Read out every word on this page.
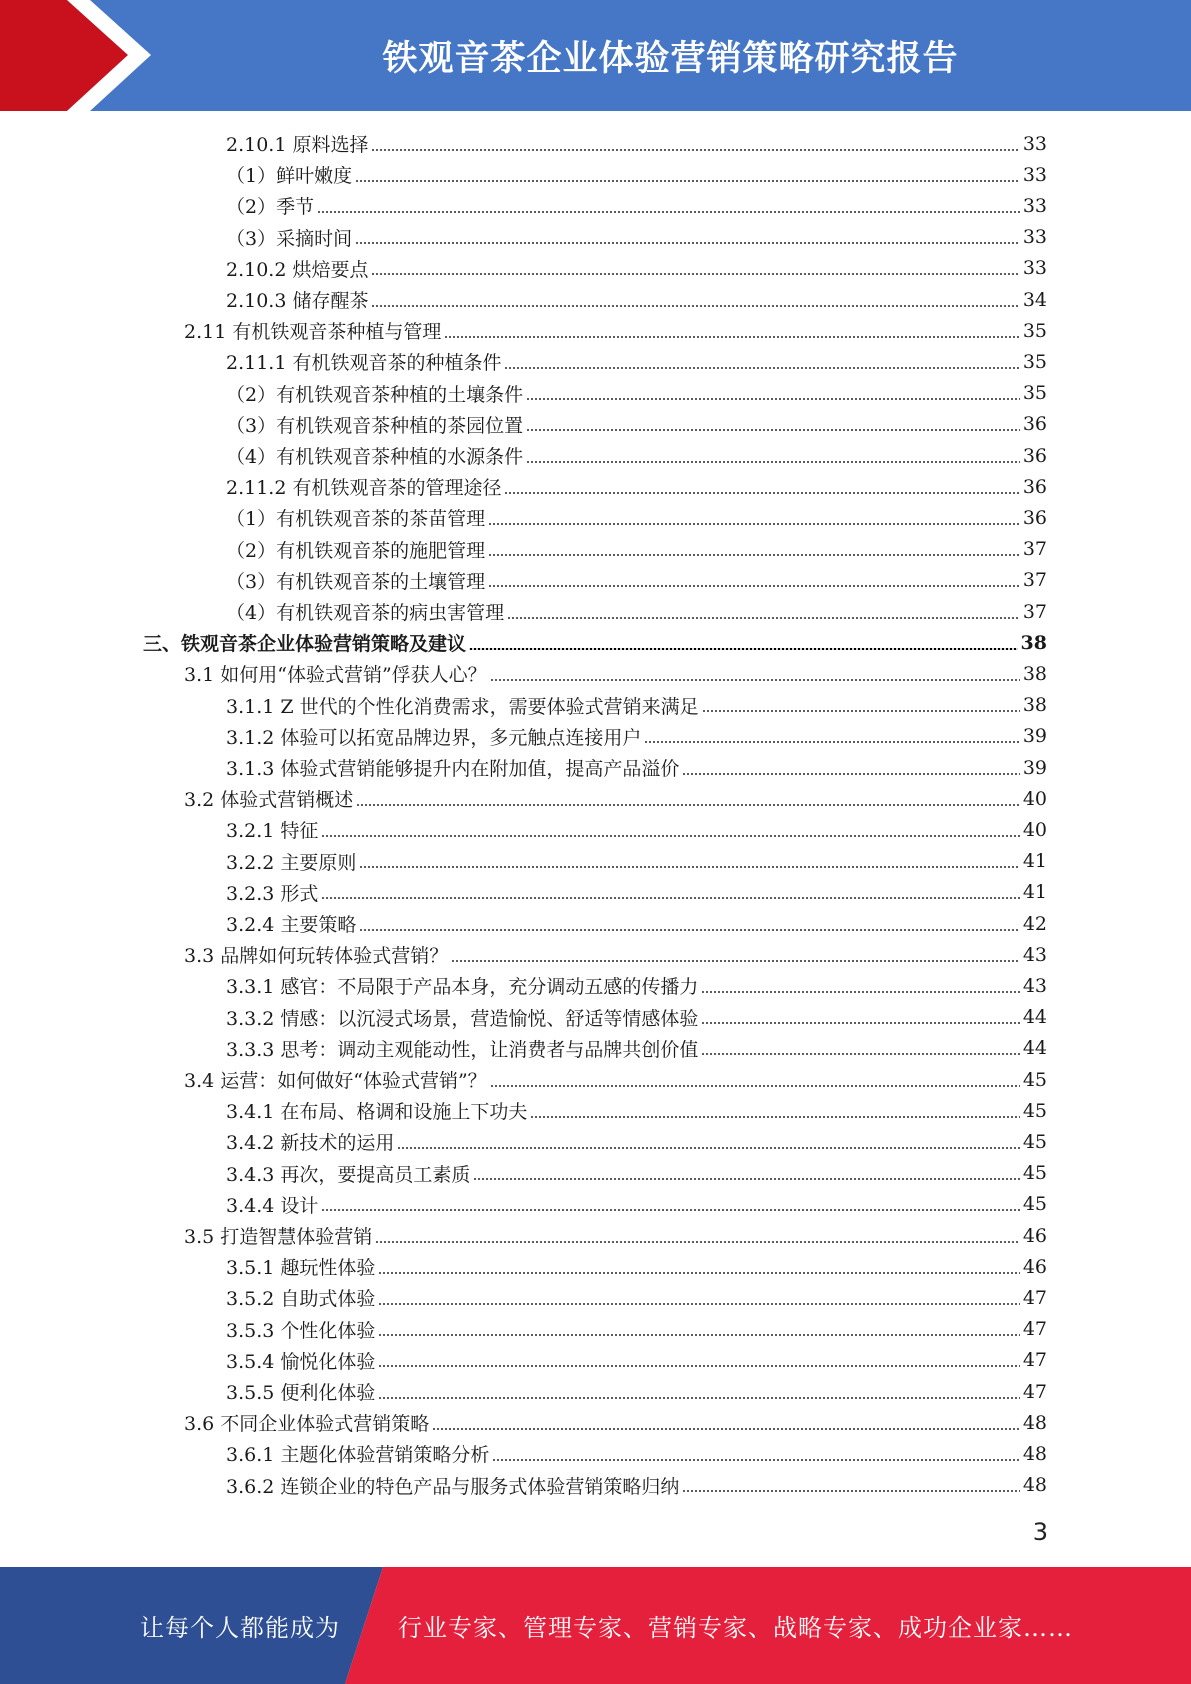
铁观音茶企业体验营销策略研究报告
2.10.1 原料选择	33
（1）鲜叶嫩度	33
（2）季节	33
（3）采摘时间	33
2.10.2 烘焙要点	33
2.10.3 储存醒茶	34
2.11 有机铁观音茶种植与管理	35
2.11.1 有机铁观音茶的种植条件	35
（2）有机铁观音茶种植的土壤条件	35
（3）有机铁观音茶种植的茶园位置	36
（4）有机铁观音茶种植的水源条件	36
2.11.2 有机铁观音茶的管理途径	36
（1）有机铁观音茶的茶苗管理	36
（2）有机铁观音茶的施肥管理	37
（3）有机铁观音茶的土壤管理	37
（4）有机铁观音茶的病虫害管理	37
三、铁观音茶企业体验营销策略及建议	38
3.1 如何用“体验式营销”俘获人心？	38
3.1.1 Z 世代的个性化消费需求，需要体验式营销来满足	38
3.1.2 体验可以拓宽品牌边界，多元触点连接用户	39
3.1.3 体验式营销能够提升内在附加值，提高产品溢价	39
3.2 体验式营销概述	40
3.2.1 特征	40
3.2.2 主要原则	41
3.2.3 形式	41
3.2.4 主要策略	42
3.3 品牌如何玩转体验式营销？	43
3.3.1 感官：不局限于产品本身，充分调动五感的传播力	43
3.3.2 情感：以沉浸式场景，营造愉悦、舒适等情感体验	44
3.3.3 思考：调动主观能动性，让消费者与品牌共创价值	44
3.4 运营：如何做好“体验式营销”？	45
3.4.1 在布局、格调和设施上下功夫	45
3.4.2 新技术的运用	45
3.4.3 再次，要提高员工素质	45
3.4.4 设计	45
3.5 打造智慧体验营销	46
3.5.1 趣玩性体验	46
3.5.2 自助式体验	47
3.5.3 个性化体验	47
3.5.4 愉悦化体验	47
3.5.5 便利化体验	47
3.6 不同企业体验式营销策略	48
3.6.1 主题化体验营销策略分析	48
3.6.2 连锁企业的特色产品与服务式体验营销策略归纳	48
3
让每个人都能成为 行业专家、管理专家、营销专家、战略专家、成功企业家……
